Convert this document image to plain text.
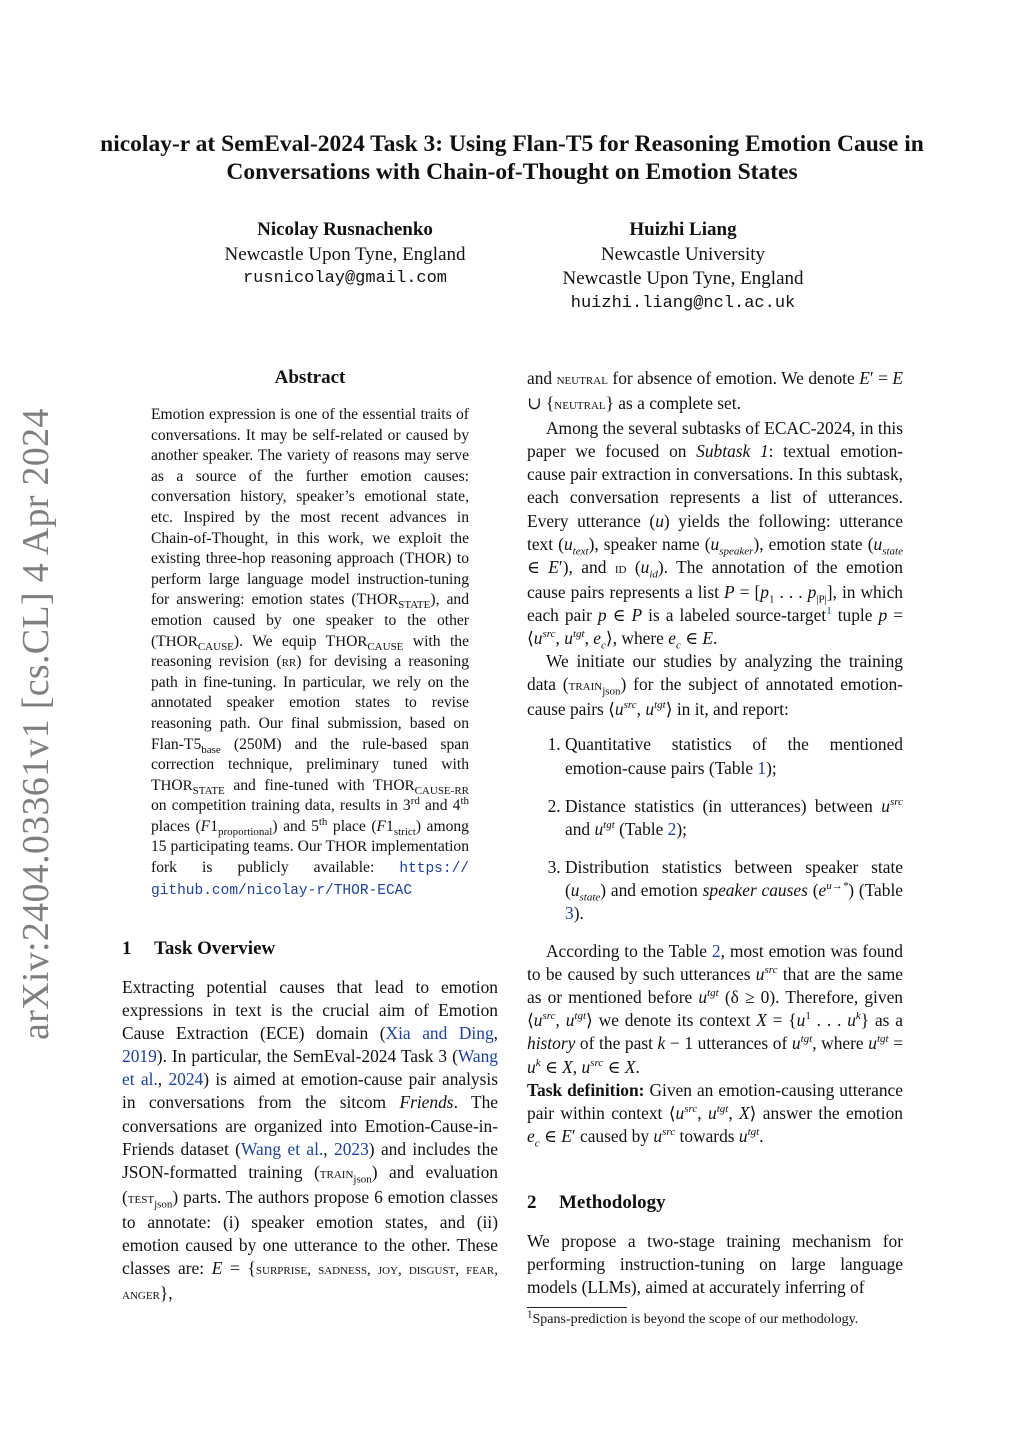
nicolay-r at SemEval-2024 Task 3: Using Flan-T5 for Reasoning Emotion Cause in Conversations with Chain-of-Thought on Emotion States
Nicolay Rusnachenko
Newcastle Upon Tyne, England
rusnicolay@gmail.com
Huizhi Liang
Newcastle University
Newcastle Upon Tyne, England
huizhi.liang@ncl.ac.uk
arXiv:2404.03361v1 [cs.CL] 4 Apr 2024
Abstract
Emotion expression is one of the essential traits of conversations. It may be self-related or caused by another speaker. The variety of reasons may serve as a source of the further emotion causes: conversation history, speaker’s emotional state, etc. Inspired by the most recent advances in Chain-of-Thought, in this work, we exploit the existing three-hop reasoning approach (THOR) to perform large language model instruction-tuning for answering: emotion states $(THOR_{STATE})$, and emotion caused by one speaker to the other $(THOR_{CAUSE})$. We equip $THOR_{CAUSE}$ with the reasoning revision (rr) for devising a reasoning path in fine-tuning. In particular, we rely on the annotated speaker emotion states to revise reasoning path. Our final submission, based on Flan-$T5_{base}$ (250M) and the rule-based span correction technique, preliminary tuned with $THOR_{STATE}$ and fine-tuned with $THOR_{CAUSE-RR}$ on competition training data, results in 3rd and 4th places $(F1_{proportional})$ and 5th place $(F1_{strict})$ among 15 participating teams. Our THOR implementation fork is publicly available: https:// github.com/nicolay-r/THOR-ECAC
1 Task Overview

Extracting potential causes that lead to emotion expressions in text is the crucial aim of Emotion Cause Extraction (ECE) domain (Xia and Ding, 2019). In particular, the SemEval-2024 Task 3 (Wang et al., 2024) is aimed at emotion-cause pair analysis in conversations from the sitcom Friends. The conversations are organized into Emotion-Cause-in-Friends dataset (Wang et al., 2023) and includes the JSON-formatted training (train$_{json}$) and evaluation (test$_{json}$) parts. The authors propose 6 emotion classes to annotate: (i) speaker emotion states, and (ii) emotion caused by one utterance to the other. These classes are: E = {surprise, sadness, joy, disgust, fear, anger},

and neutral for absence of emotion. We denote E′ = E ∪ {neutral} as a complete set.

Among the several subtasks of ECAC-2024, in this paper we focused on Subtask 1: textual emotion-cause pair extraction in conversations. In this subtask, each conversation represents a list of utterances. Every utterance (u) yields the following: utterance text $(u_{text})$, speaker name $(u_{speaker})$, emotion state ($u_{state}$ ∈ E′), and id $(u_{id})$. The annotation of the emotion cause pairs represents a list $P = [p_1$ . . . $p_{|P|}$], in which each pair p ∈ P is a labeled source-target$^1$ tuple $p = ⟨u^{src}$, $u^{tgt}$, $e_c⟩$, where $e_c$ ∈ E.

We initiate our studies by analyzing the training data (train$_{json}$) for the subject of annotated emotion-cause pairs $⟨u^{src}$, $u^{tgt}⟩$ in it, and report:

1. Quantitative statistics of the mentioned emotion-cause pairs (Table 1);
2. Distance statistics (in utterances) between $u^{src}$ and $u^{tgt}$ (Table 2);
3. Distribution statistics between speaker state $(u_{state})$ and emotion speaker causes $(e^{u\to*})$ (Table 3).

According to the Table 2, most emotion was found to be caused by such utterances $u^{src}$ that are the same as or mentioned before $u^{tgt}$ (δ ≥ 0). Therefore, given $⟨u^{src}$, $u^{tgt}⟩$ we denote its context $X = \{u^1$ . . . $u^k$} as a history of the past k − 1 utterances of $u^{tgt}$, where $u^{tgt} = u^k$ ∈ X, $u^{src}$ ∈ X.
Task definition: Given an emotion-causing utterance pair within context $⟨u^{src}$, $u^{tgt}$, X⟩ answer the emotion $e_c$ ∈ E′ caused by $u^{src}$ towards $u^{tgt}$.

2 Methodology

We propose a two-stage training mechanism for performing instruction-tuning on large language models (LLMs), aimed at accurately inferring of

$^1$Spans-prediction is beyond the scope of our methodology.
